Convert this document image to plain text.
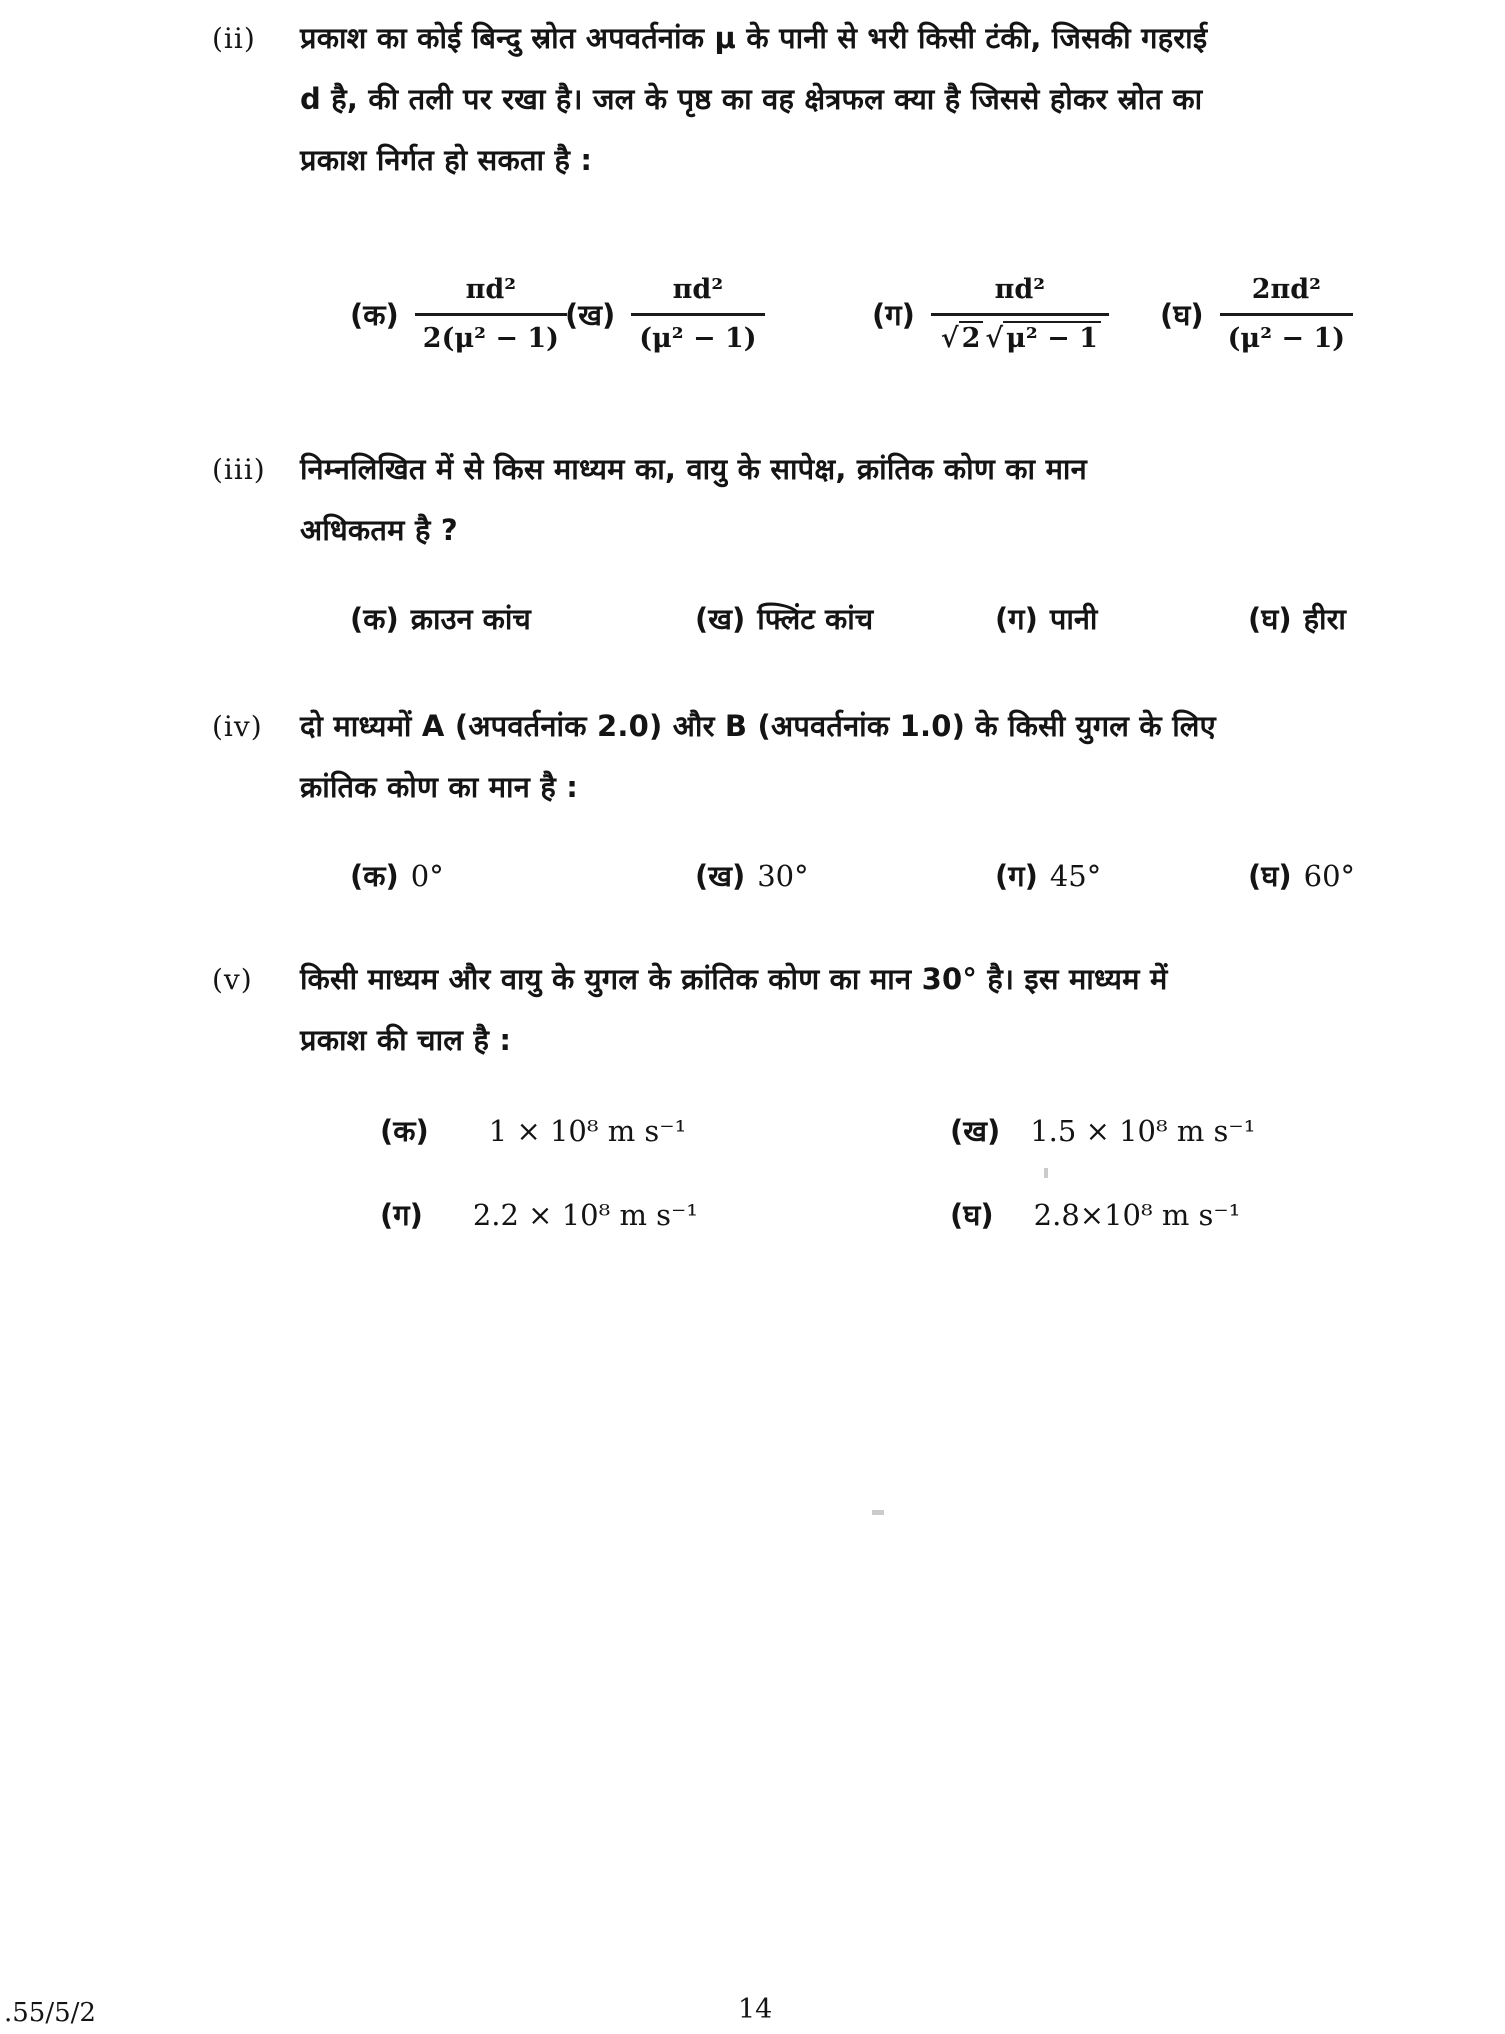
(ii) प्रकाश का कोई बिन्दु स्रोत अपवर्तनांक μ के पानी से भरी किसी टंकी, जिसकी गहराई
d है, की तली पर रखा है। जल के पृष्ठ का वह क्षेत्रफल क्या है जिससे होकर स्रोत का
प्रकाश निर्गत हो सकता है :
(क) $\frac{\text{πd²}}{\text{2(μ² − 1)}}$
(ख) $\frac{\text{πd²}}{\text{(μ² − 1)}}$	(ग) $\frac{\text{πd²}}{\text{√ 2 √ μ² − 1}}$ (घ) $\frac{\text{2πd²}}{\text{(μ² − 1)}}$
(iii) निम्नलिखित में से किस माध्यम का, वायु के सापेक्ष, क्रांतिक कोण का मान
अधिकतम है ?
(क) क्राउन कांच	(ख) फ्लिंट कांच	(ग) पानी	(घ) हीरा
(iv) दो माध्यमों A (अपवर्तनांक 2.0) और B (अपवर्तनांक 1.0) के किसी युगल के लिए
क्रांतिक कोण का मान है :
(क) 0°	(ख) 30°	(ग) 45°	(घ) 60°
(v) किसी माध्यम और वायु के युगल के क्रांतिक कोण का मान 30° है। इस माध्यम में
प्रकाश की चाल है :
(क) 1 × 10⁸ m s⁻¹	(ख) 1.5 × 10⁸ m s⁻¹
(ग) 2.2 × 10⁸ m s⁻¹	(घ) 2.8×10⁸ m s⁻¹
.55/5/2	14
